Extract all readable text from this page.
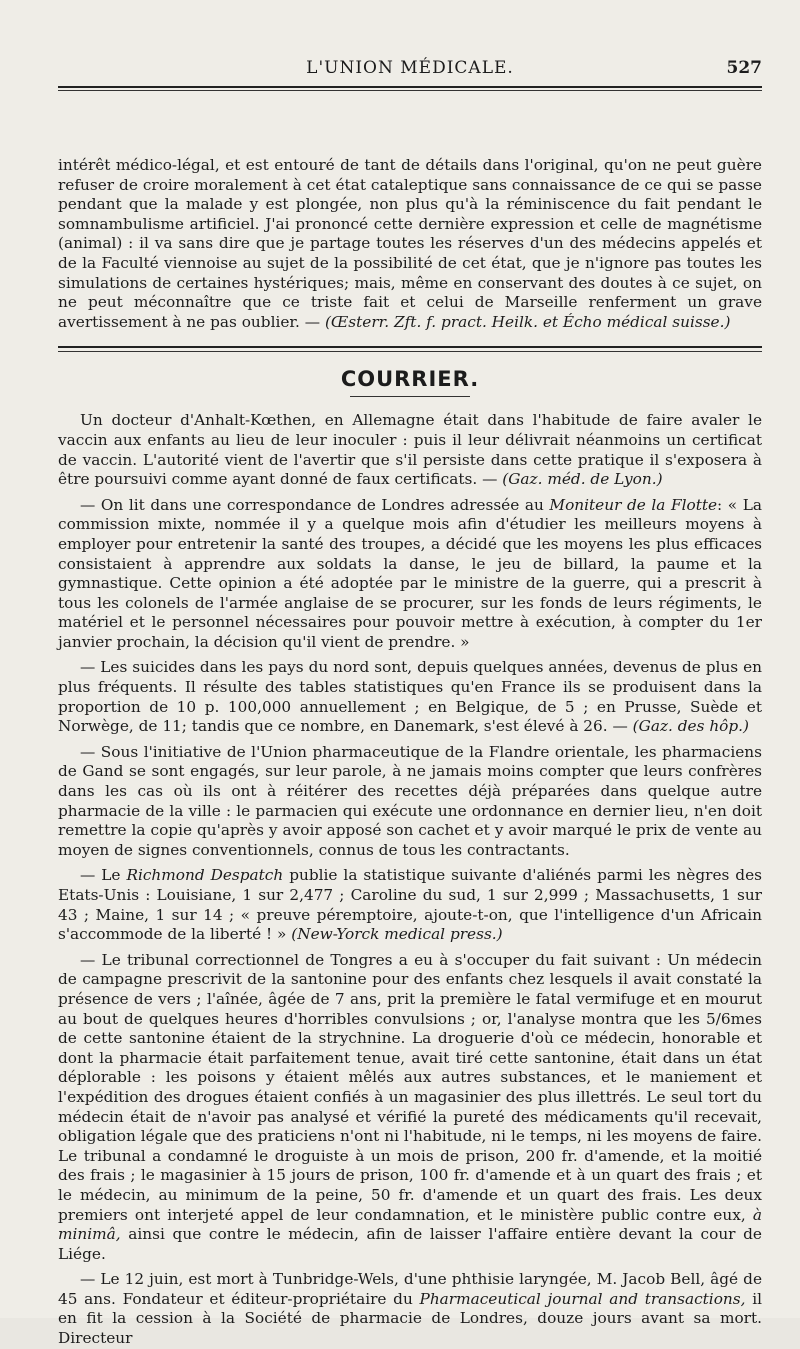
L'UNION MÉDICALE.	527

intérêt médico-légal, et est entouré de tant de détails dans l'original, qu'on ne peut guère refuser de croire moralement à cet état cataleptique sans connaissance de ce qui se passe pendant que la malade y est plongée, non plus qu'à la réminiscence du fait pendant le somnambulisme artificiel. J'ai prononcé cette dernière expression et celle de magnétisme (animal) : il va sans dire que je partage toutes les réserves d'un des médecins appelés et de la Faculté viennoise au sujet de la possibilité de cet état, que je n'ignore pas toutes les simulations de certaines hystériques; mais, même en conservant des doutes à ce sujet, on ne peut méconnaître que ce triste fait et celui de Marseille renferment un grave avertissement à ne pas oublier. — (Œsterr. Zft. f. pract. Heilk. et Écho médical suisse.)

COURRIER.

Un docteur d'Anhalt-Kœthen, en Allemagne était dans l'habitude de faire avaler le vaccin aux enfants au lieu de leur inoculer : puis il leur délivrait néanmoins un certificat de vaccin. L'autorité vient de l'avertir que s'il persiste dans cette pratique il s'exposera à être poursuivi comme ayant donné de faux certificats. — (Gaz. méd. de Lyon.)

— On lit dans une correspondance de Londres adressée au Moniteur de la Flotte: « La commission mixte, nommée il y a quelque mois afin d'étudier les meilleurs moyens à employer pour entretenir la santé des troupes, a décidé que les moyens les plus efficaces consistaient à apprendre aux soldats la danse, le jeu de billard, la paume et la gymnastique. Cette opinion a été adoptée par le ministre de la guerre, qui a prescrit à tous les colonels de l'armée anglaise de se procurer, sur les fonds de leurs régiments, le matériel et le personnel nécessaires pour pouvoir mettre à exécution, à compter du 1er janvier prochain, la décision qu'il vient de prendre. »

— Les suicides dans les pays du nord sont, depuis quelques années, devenus de plus en plus fréquents. Il résulte des tables statistiques qu'en France ils se produisent dans la proportion de 10 p. 100,000 annuellement ; en Belgique, de 5 ; en Prusse, Suède et Norwège, de 11; tandis que ce nombre, en Danemark, s'est élevé à 26. — (Gaz. des hôp.)

— Sous l'initiative de l'Union pharmaceutique de la Flandre orientale, les pharmaciens de Gand se sont engagés, sur leur parole, à ne jamais moins compter que leurs confrères dans les cas où ils ont à réitérer des recettes déjà préparées dans quelque autre pharmacie de la ville : le parmacien qui exécute une ordonnance en dernier lieu, n'en doit remettre la copie qu'après y avoir apposé son cachet et y avoir marqué le prix de vente au moyen de signes conventionnels, connus de tous les contractants.

— Le Richmond Despatch publie la statistique suivante d'aliénés parmi les nègres des Etats-Unis : Louisiane, 1 sur 2,477 ; Caroline du sud, 1 sur 2,999 ; Massachusetts, 1 sur 43 ; Maine, 1 sur 14 ; « preuve péremptoire, ajoute-t-on, que l'intelligence d'un Africain s'accommode de la liberté ! » (New-Yorck medical press.)

— Le tribunal correctionnel de Tongres a eu à s'occuper du fait suivant : Un médecin de campagne prescrivit de la santonine pour des enfants chez lesquels il avait constaté la présence de vers ; l'aînée, âgée de 7 ans, prit la première le fatal vermifuge et en mourut au bout de quelques heures d'horribles convulsions ; or, l'analyse montra que les 5/6mes de cette santonine étaient de la strychnine. La droguerie d'où ce médecin, honorable et dont la pharmacie était parfaitement tenue, avait tiré cette santonine, était dans un état déplorable : les poisons y étaient mêlés aux autres substances, et le maniement et l'expédition des drogues étaient confiés à un magasinier des plus illettrés. Le seul tort du médecin était de n'avoir pas analysé et vérifié la pureté des médicaments qu'il recevait, obligation légale que des praticiens n'ont ni l'habitude, ni le temps, ni les moyens de faire. Le tribunal a condamné le droguiste à un mois de prison, 200 fr. d'amende, et la moitié des frais ; le magasinier à 15 jours de prison, 100 fr. d'amende et à un quart des frais ; et le médecin, au minimum de la peine, 50 fr. d'amende et un quart des frais. Les deux premiers ont interjeté appel de leur condamnation, et le ministère public contre eux, à minimâ, ainsi que contre le médecin, afin de laisser l'affaire entière devant la cour de Liége.

— Le 12 juin, est mort à Tunbridge-Wels, d'une phthisie laryngée, M. Jacob Bell, âgé de 45 ans. Fondateur et éditeur-propriétaire du Pharmaceutical journal and transactions, il en fit la cession à la Société de pharmacie de Londres, douze jours avant sa mort. Directeur
